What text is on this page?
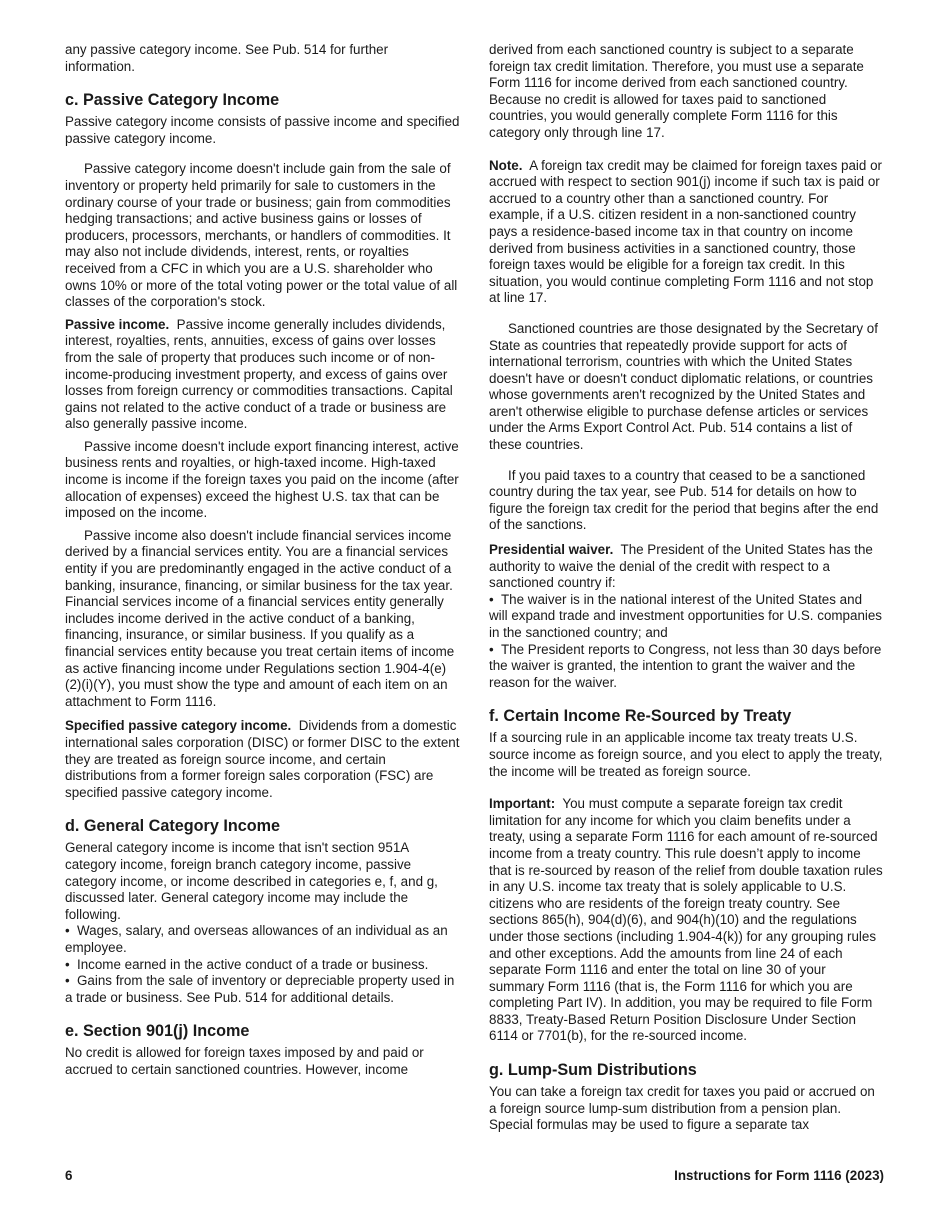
any passive category income. See Pub. 514 for further information.

c. Passive Category Income

Passive category income consists of passive income and specified passive category income.

Passive category income doesn't include gain from the sale of inventory or property held primarily for sale to customers in the ordinary course of your trade or business; gain from commodities hedging transactions; and active business gains or losses of producers, processors, merchants, or handlers of commodities. It may also not include dividends, interest, rents, or royalties received from a CFC in which you are a U.S. shareholder who owns 10% or more of the total voting power or the total value of all classes of the corporation's stock.

Passive income. Passive income generally includes dividends, interest, royalties, rents, annuities, excess of gains over losses from the sale of property that produces such income or of non-income-producing investment property, and excess of gains over losses from foreign currency or commodities transactions. Capital gains not related to the active conduct of a trade or business are also generally passive income.

Passive income doesn't include export financing interest, active business rents and royalties, or high-taxed income. High-taxed income is income if the foreign taxes you paid on the income (after allocation of expenses) exceed the highest U.S. tax that can be imposed on the income.

Passive income also doesn't include financial services income derived by a financial services entity. You are a financial services entity if you are predominantly engaged in the active conduct of a banking, insurance, financing, or similar business for the tax year. Financial services income of a financial services entity generally includes income derived in the active conduct of a banking, financing, insurance, or similar business. If you qualify as a financial services entity because you treat certain items of income as active financing income under Regulations section 1.904-4(e)(2)(i)(Y), you must show the type and amount of each item on an attachment to Form 1116.

Specified passive category income. Dividends from a domestic international sales corporation (DISC) or former DISC to the extent they are treated as foreign source income, and certain distributions from a former foreign sales corporation (FSC) are specified passive category income.

d. General Category Income

General category income is income that isn't section 951A category income, foreign branch category income, passive category income, or income described in categories e, f, and g, discussed later. General category income may include the following.

• Wages, salary, and overseas allowances of an individual as an employee.
• Income earned in the active conduct of a trade or business.
• Gains from the sale of inventory or depreciable property used in a trade or business. See Pub. 514 for additional details.
e. Section 901(j) Income

No credit is allowed for foreign taxes imposed by and paid or accrued to certain sanctioned countries. However, income

derived from each sanctioned country is subject to a separate foreign tax credit limitation. Therefore, you must use a separate Form 1116 for income derived from each sanctioned country. Because no credit is allowed for taxes paid to sanctioned countries, you would generally complete Form 1116 for this category only through line 17.

Note. A foreign tax credit may be claimed for foreign taxes paid or accrued with respect to section 901(j) income if such tax is paid or accrued to a country other than a sanctioned country. For example, if a U.S. citizen resident in a non-sanctioned country pays a residence-based income tax in that country on income derived from business activities in a sanctioned country, those foreign taxes would be eligible for a foreign tax credit. In this situation, you would continue completing Form 1116 and not stop at line 17.

Sanctioned countries are those designated by the Secretary of State as countries that repeatedly provide support for acts of international terrorism, countries with which the United States doesn't have or doesn't conduct diplomatic relations, or countries whose governments aren't recognized by the United States and aren't otherwise eligible to purchase defense articles or services under the Arms Export Control Act. Pub. 514 contains a list of these countries.

If you paid taxes to a country that ceased to be a sanctioned country during the tax year, see Pub. 514 for details on how to figure the foreign tax credit for the period that begins after the end of the sanctions.

Presidential waiver. The President of the United States has the authority to waive the denial of the credit with respect to a sanctioned country if:

• The waiver is in the national interest of the United States and will expand trade and investment opportunities for U.S. companies in the sanctioned country; and
• The President reports to Congress, not less than 30 days before the waiver is granted, the intention to grant the waiver and the reason for the waiver.
f. Certain Income Re-Sourced by Treaty

If a sourcing rule in an applicable income tax treaty treats U.S. source income as foreign source, and you elect to apply the treaty, the income will be treated as foreign source.

Important: You must compute a separate foreign tax credit limitation for any income for which you claim benefits under a treaty, using a separate Form 1116 for each amount of re-sourced income from a treaty country. This rule doesn’t apply to income that is re-sourced by reason of the relief from double taxation rules in any U.S. income tax treaty that is solely applicable to U.S. citizens who are residents of the foreign treaty country. See sections 865(h), 904(d)(6), and 904(h)(10) and the regulations under those sections (including 1.904-4(k)) for any grouping rules and other exceptions. Add the amounts from line 24 of each separate Form 1116 and enter the total on line 30 of your summary Form 1116 (that is, the Form 1116 for which you are completing Part IV). In addition, you may be required to file Form 8833, Treaty-Based Return Position Disclosure Under Section 6114 or 7701(b), for the re-sourced income.

g. Lump-Sum Distributions

You can take a foreign tax credit for taxes you paid or accrued on a foreign source lump-sum distribution from a pension plan. Special formulas may be used to figure a separate tax

6	Instructions for Form 1116 (2023)
